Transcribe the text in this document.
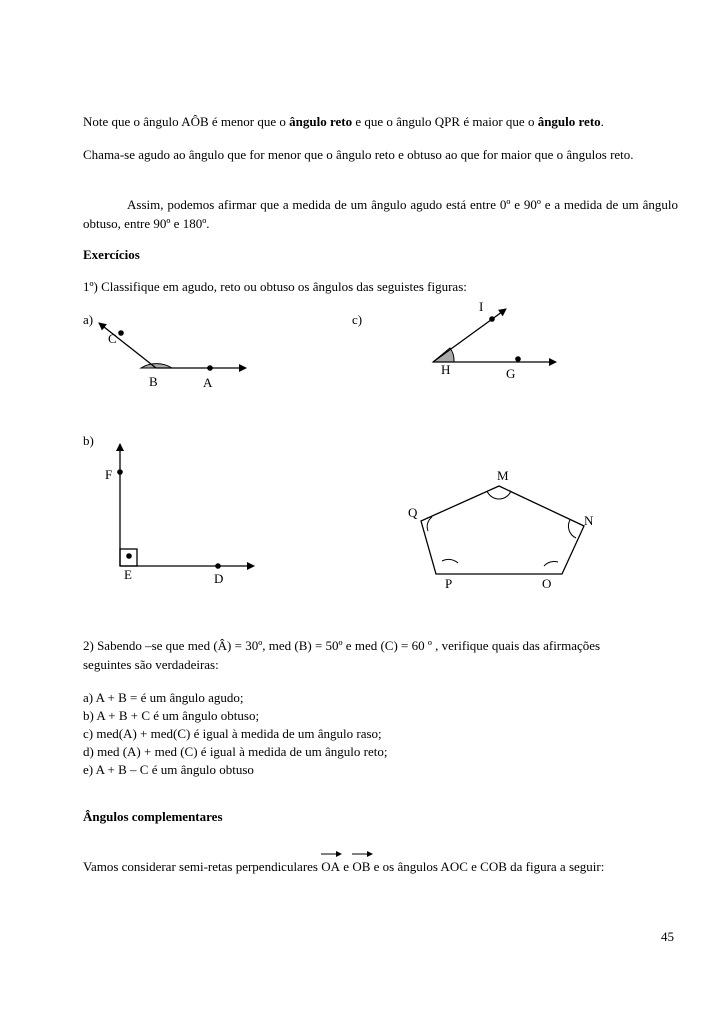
Note que o ângulo AÔB é menor que o ângulo reto e que o ângulo QPR é maior que o ângulo reto.
Chama-se agudo ao ângulo que for menor que o ângulo reto e obtuso ao que for maior que o ângulos reto.
Assim, podemos afirmar que a medida de um ângulo agudo está entre 0º e 90º e a medida de um ângulo obtuso, entre 90º e 180º.
Exercícios
1º) Classifique em agudo, reto ou obtuso os ângulos das seguistes figuras:
a)
C
B	A
c)
I
H	G
b)
F
E	D
M
Q
N
P	O
2) Sabendo –se que med (Â) = 30º, med (B) = 50º e med (C) = 60 º , verifique quais das afirmações
seguintes são verdadeiras:
a) A + B = é um ângulo agudo;
b) A + B + C é um ângulo obtuso;
c) med(A) + med(C) é igual à medida de um ângulo raso;
d) med (A) + med (C) é igual à medida de um ângulo reto;
e) A + B – C é um ângulo obtuso
Ângulos complementares
Vamos considerar semi-retas perpendiculares
OA e
OB e os ângulos AOC e COB da figura a seguir:
45
